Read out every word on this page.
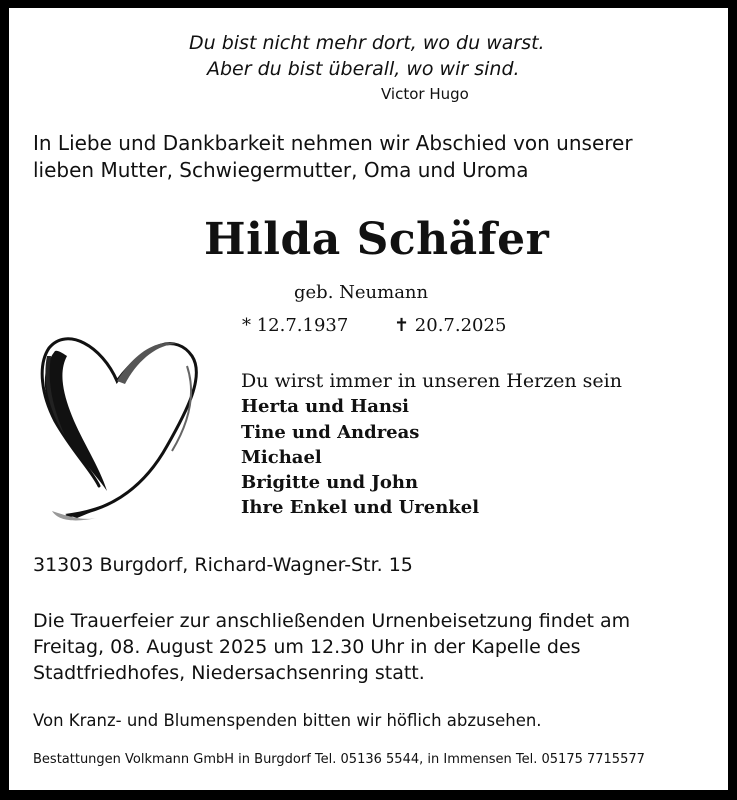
Du bist nicht mehr dort, wo du warst.
Aber du bist überall, wo wir sind.
Victor Hugo
In Liebe und Dankbarkeit nehmen wir Abschied von unserer lieben Mutter, Schwiegermutter, Oma und Uroma
Hilda Schäfer
geb. Neumann
* 12.7.1937	✝ 20.7.2025
Du wirst immer in unseren Herzen sein
Herta und Hansi
Tine und Andreas
Michael
Brigitte und John
Ihre Enkel und Urenkel
31303 Burgdorf, Richard-Wagner-Str. 15
Die Trauerfeier zur anschließenden Urnenbeisetzung findet am Freitag, 08. August 2025 um 12.30 Uhr in der Kapelle des Stadtfriedhofes, Niedersachsenring statt.
Von Kranz- und Blumenspenden bitten wir höflich abzusehen.
Bestattungen Volkmann GmbH in Burgdorf Tel. 05136 5544, in Immensen Tel. 05175 7715577
